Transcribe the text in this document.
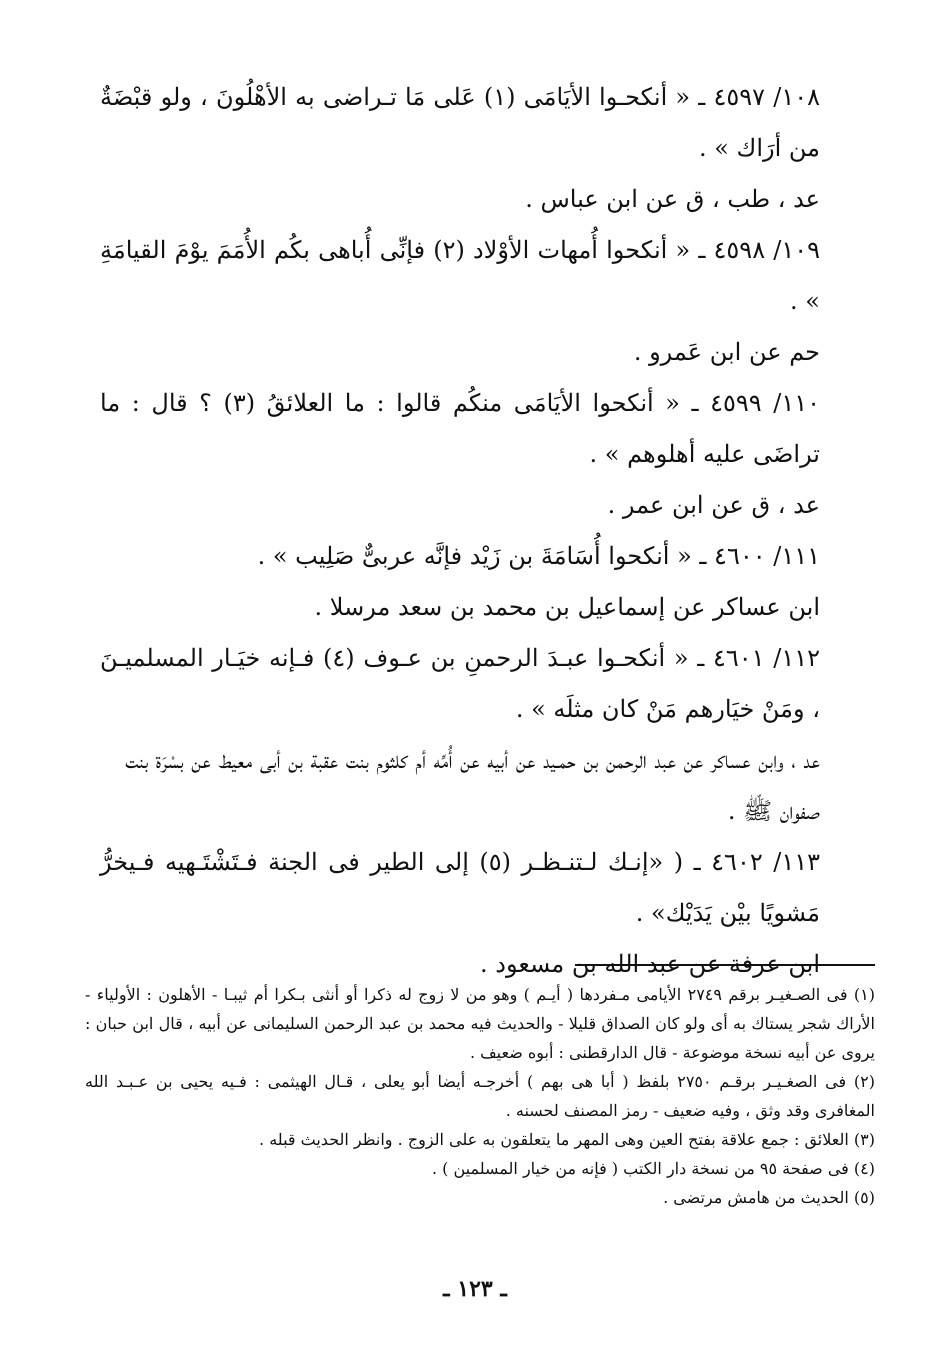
١٠٨/ ٤٥٩٧ ـ « أنكحـوا الأيَامَى (١) عَلى مَا تـراضى به الأهْلُونَ ، ولو قبْضَةٌ من أرَاك » .

عد ، طب ، ق عن ابن عباس .

١٠٩/ ٤٥٩٨ ـ « أنكحوا أُمهات الأوْلاد (٢) فإنِّى أُباهى بكُم الأُمَمَ يوْمَ القيامَةِ » .

حم عن ابن عَمرو .

١١٠/ ٤٥٩٩ ـ « أنكحوا الأيَامَى منكُم قالوا : ما العلائقُ (٣) ؟ قال : ما تراضَى عليه أهلوهم » .

عد ، ق عن ابن عمر .

١١١/ ٤٦٠٠ ـ « أنكحوا أُسَامَةَ بن زَيْد فإنَّه عربىٌّ صَلِيب » .

ابن عساكر عن إسماعيل بن محمد بن سعد مرسلا .

١١٢/ ٤٦٠١ ـ « أنكحـوا عبـدَ الرحمنِ بن عـوف (٤) فـإنه خيَـار المسلميـنَ ، ومَنْ خيَارهم مَنْ كان مثلَه » .

عد ، وابن عساكر عن عبد الرحمن بن حمـيد عن أبيه عن أُمِّه أم كلثوم بنت عقبة بن أبى معيط عن بسْرَة بنت صفوان ﷺ .

١١٣/ ٤٦٠٢ ـ ( «إنـك لـتنـظـر (٥) إلى الطير فى الجنة فـتَشْتَـهيه فـيخرُّ مَشويًا بيْن يَدَيْك» .

ابن عرفة عن عبد الله بن مسعود .

(١) فى الصـغيـر برقم ٢٧٤٩ الأيامى مـفردها ( أيـم ) وهو من لا زوج له ذكرا أو أنثى بـكرا أم ثيبـا - الأهلون : الأولياء - الأراك شجر يستاك به أى ولو كان الصداق قليلا - والحديث فيه محمد بن عبد الرحمن السليمانى عن أبيه ، قال ابن حبان : يروى عن أبيه نسخة موضوعة - قال الدارقطنى : أبوه ضعيف .

(٢) فى الصغـيـر برقـم ٢٧٥٠ بلفظ ( أبا هى بهم ) أخرجـه أيضا أبو يعلى ، قـال الهيثمى : فـيه يحيى بن عـبـد الله المغافرى وقد وثق ، وفيه ضعيف - رمز المصنف لحسنه .

(٣) العلائق : جمع علاقة بفتح العين وهى المهر ما يتعلقون به على الزوج . وانظر الحديث قبله .

(٤) فى صفحة ٩٥ من نسخة دار الكتب ( فإنه من خيار المسلمين ) .

(٥) الحديث من هامش مرتضى .

ـ ١٢٣ ـ
